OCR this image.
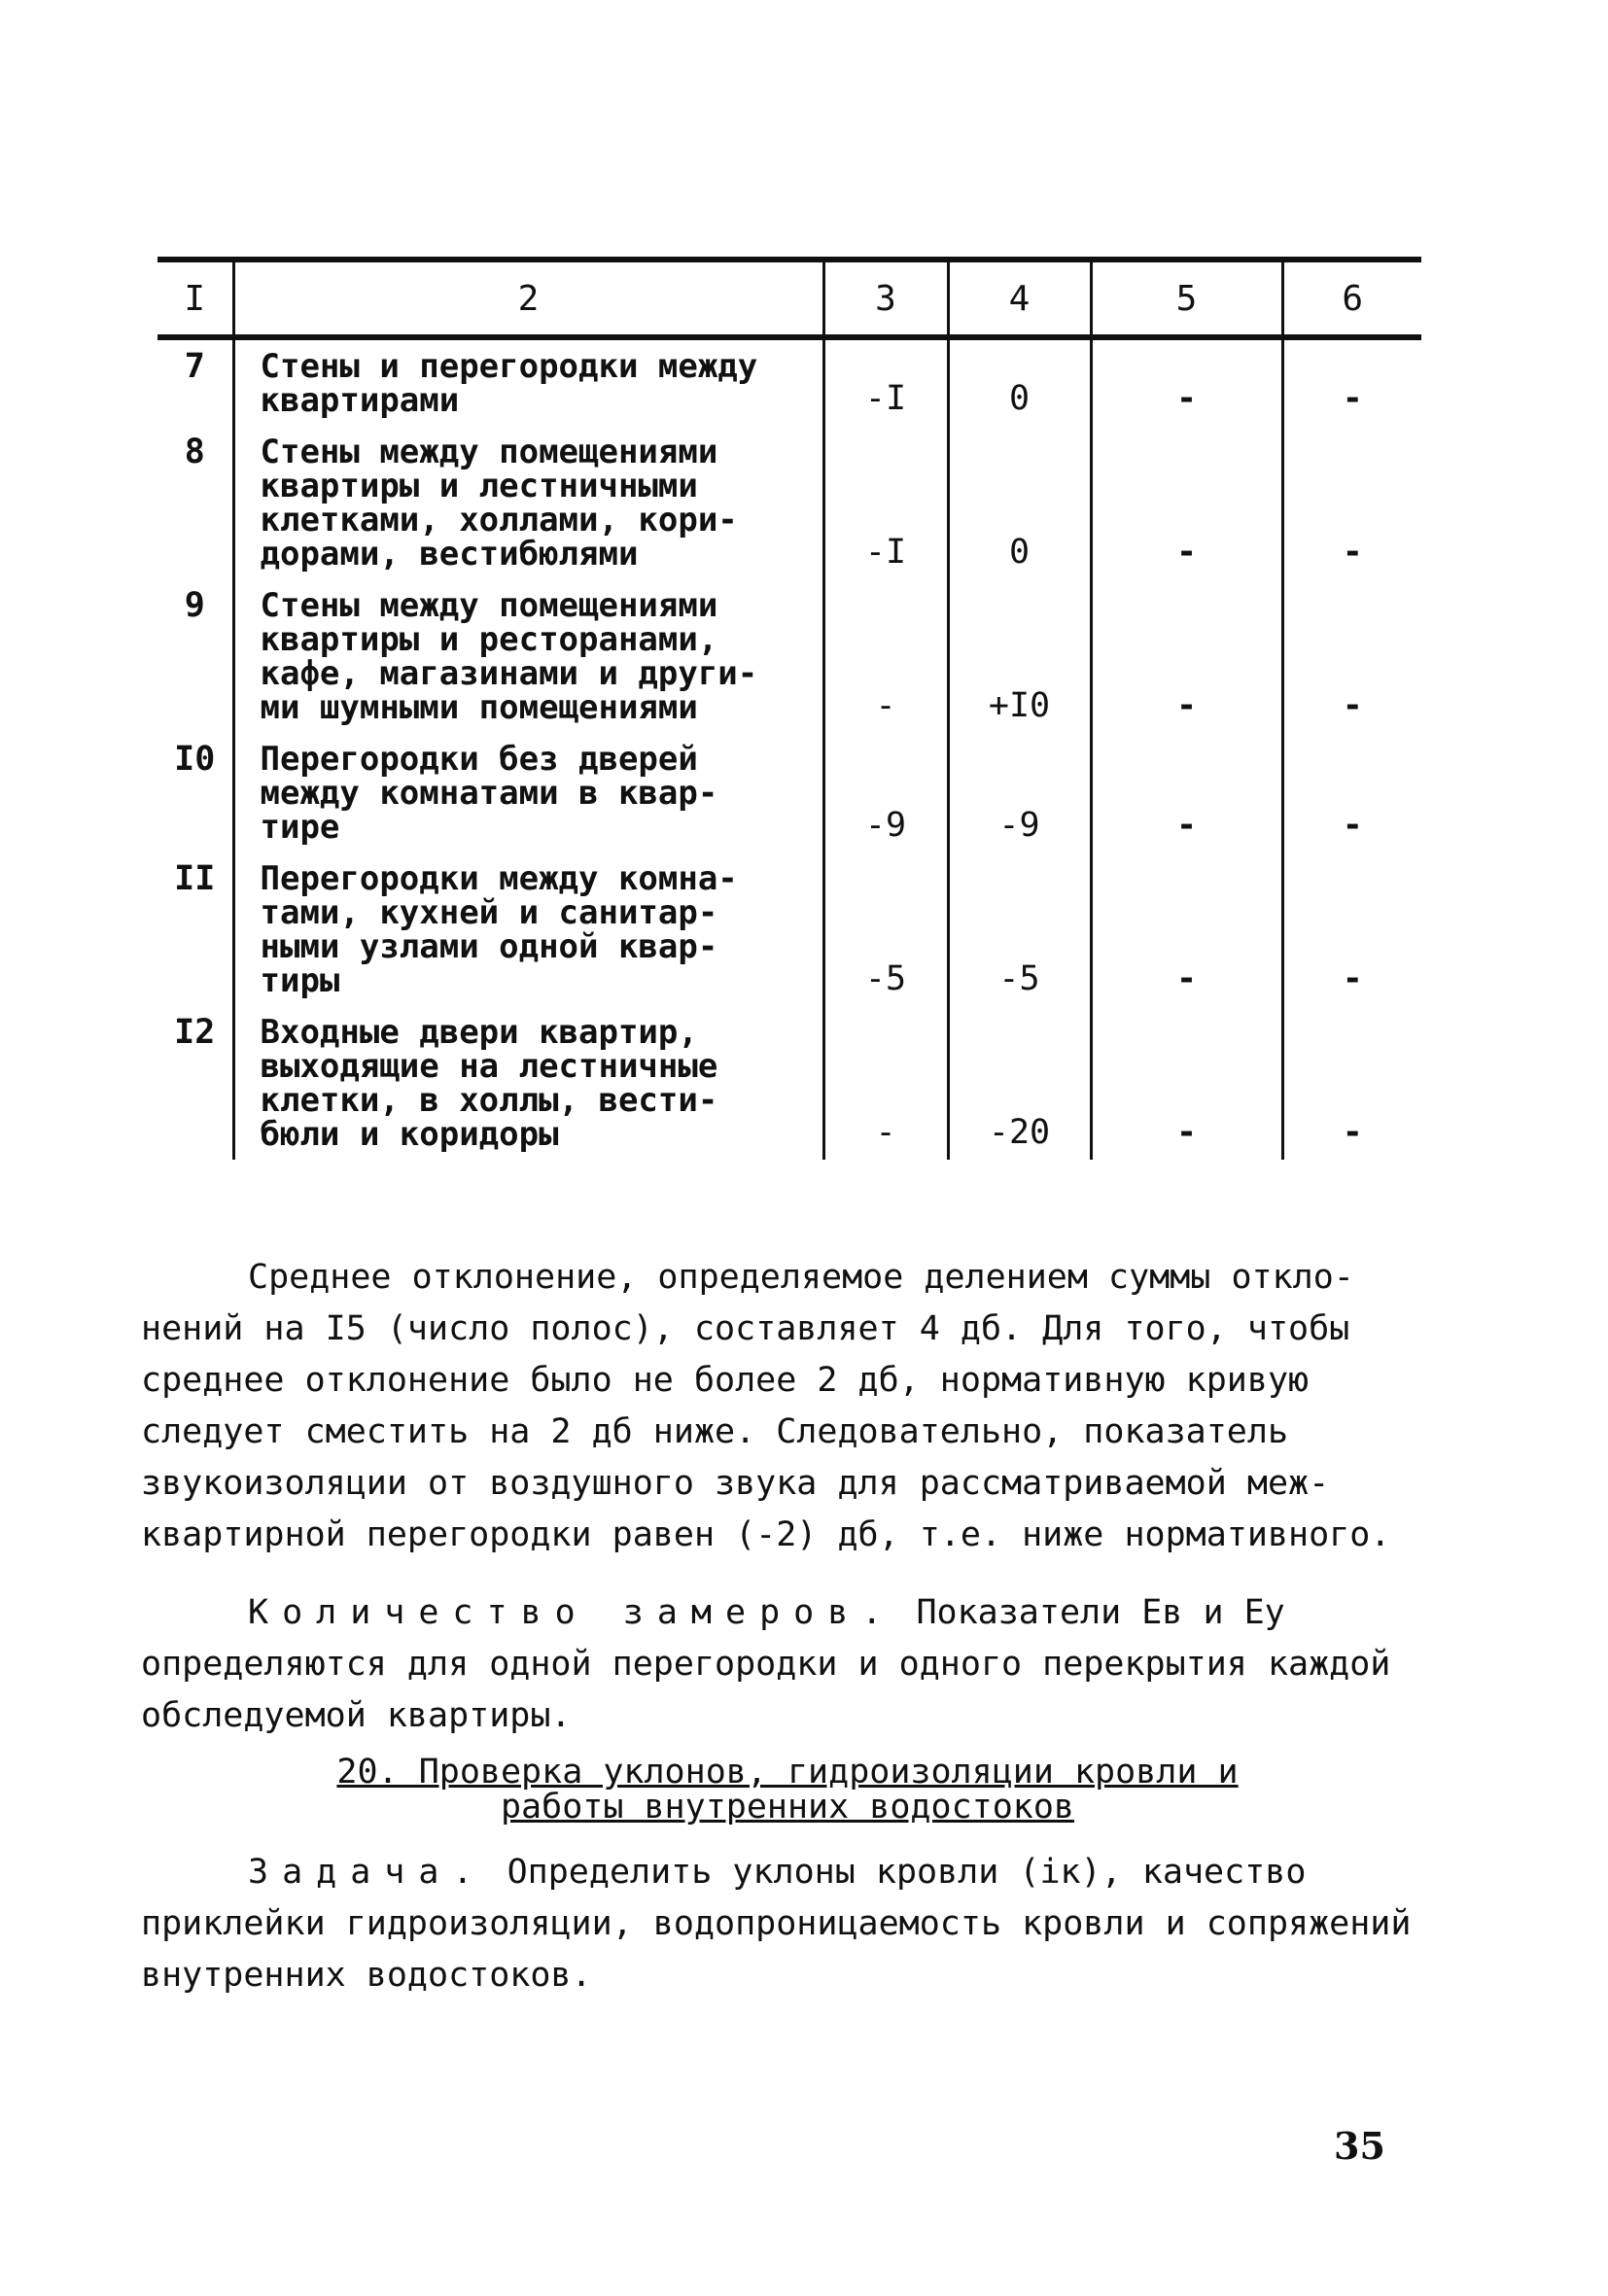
I	2	3	4	5	6
7	Стены и перегородки между
квартирами	-I	0	-	-
8	Стены между помещениями
квартиры и лестничными
клетками, холлами, кори-
дорами, вестибюлями	-I	0	-	-
9	Стены между помещениями
квартиры и ресторанами,
кафе, магазинами и други-
ми шумными помещениями	-	+I0	-	-
I0	Перегородки без дверей
между комнатами в квар-
тире	-9	-9	-	-
II	Перегородки между комна-
тами, кухней и санитар-
ными узлами одной квар-
тиры	-5	-5	-	-
I2	Входные двери квартир,
выходящие на лестничные
клетки, в холлы, вести-
бюли и коридоры	-	-20	-	-
Среднее отклонение, определяемое делением суммы откло-
нений на I5 (число полос), составляет 4 дб. Для того, чтобы
среднее отклонение было не более 2 дб, нормативную кривую
следует сместить на 2 дб ниже. Следовательно, показатель
звукоизоляции от воздушного звука для рассматриваемой меж-
квартирной перегородки равен (-2) дб, т.е. ниже нормативного.
Количество замеров. Показатели Ев и Еу
определяются для одной перегородки и одного перекрытия каждой
обследуемой квартиры.
20. Проверка уклонов, гидроизоляции кровли и
работы внутренних водостоков
Задача. Определить уклоны кровли (iк), качество
приклейки гидроизоляции, водопроницаемость кровли и сопряжений
внутренних водостоков.
35
